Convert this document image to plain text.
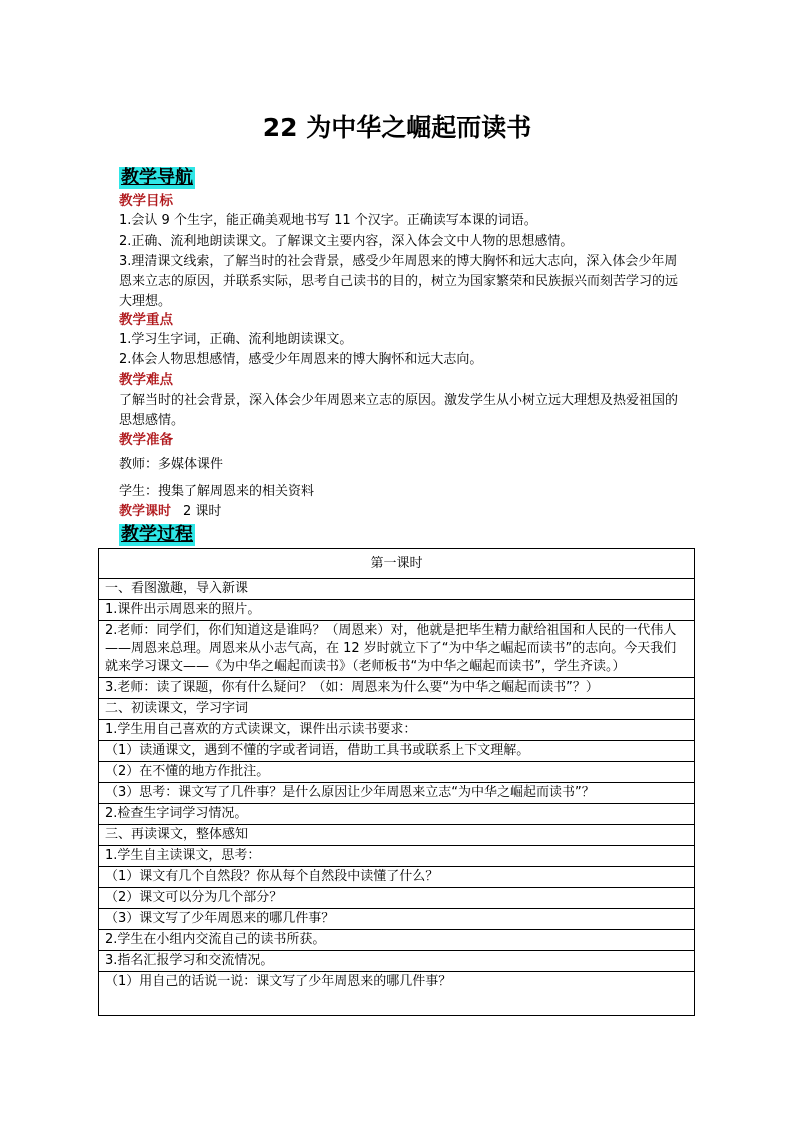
22 为中华之崛起而读书
教学导航
教学目标
1.会认 9 个生字，能正确美观地书写 11 个汉字。正确读写本课的词语。
2.正确、流利地朗读课文。了解课文主要内容，深入体会文中人物的思想感情。
3.理清课文线索，了解当时的社会背景，感受少年周恩来的博大胸怀和远大志向，深入体会少年周恩来立志的原因，并联系实际，思考自己读书的目的，树立为国家繁荣和民族振兴而刻苦学习的远大理想。
教学重点
1.学习生字词，正确、流利地朗读课文。
2.体会人物思想感情，感受少年周恩来的博大胸怀和远大志向。
教学难点
了解当时的社会背景，深入体会少年周恩来立志的原因。激发学生从小树立远大理想及热爱祖国的思想感情。
教学准备
教师：多媒体课件
学生：搜集了解周恩来的相关资料
教学课时 2 课时
教学过程
第一课时
一、看图激趣，导入新课
1.课件出示周恩来的照片。
2.老师：同学们，你们知道这是谁吗？（周恩来）对，他就是把毕生精力献给祖国和人民的一代伟人——周恩来总理。周恩来从小志气高，在 12 岁时就立下了“为中华之崛起而读书”的志向。今天我们就来学习课文——《为中华之崛起而读书》（老师板书“为中华之崛起而读书”，学生齐读。）
3.老师：读了课题，你有什么疑问？（如：周恩来为什么要“为中华之崛起而读书”？）
二、初读课文，学习字词
1.学生用自己喜欢的方式读课文，课件出示读书要求：
（1）读通课文，遇到不懂的字或者词语，借助工具书或联系上下文理解。
（2）在不懂的地方作批注。
（3）思考：课文写了几件事？是什么原因让少年周恩来立志“为中华之崛起而读书”？
2.检查生字词学习情况。
三、再读课文，整体感知
1.学生自主读课文，思考：
（1）课文有几个自然段？你从每个自然段中读懂了什么？
（2）课文可以分为几个部分？
（3）课文写了少年周恩来的哪几件事？
2.学生在小组内交流自己的读书所获。
3.指名汇报学习和交流情况。
（1）用自己的话说一说：课文写了少年周恩来的哪几件事？
